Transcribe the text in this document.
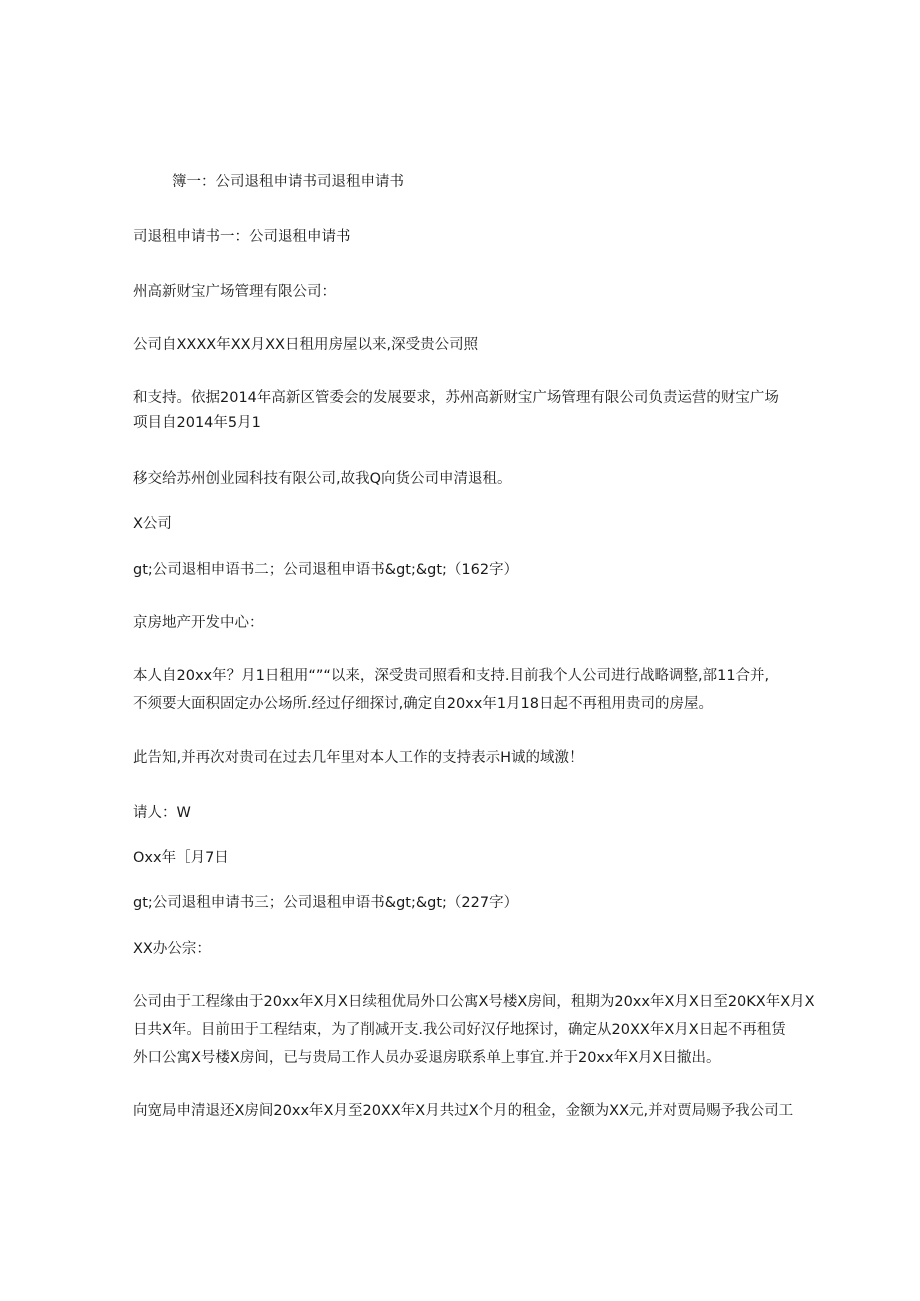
簿一：公司退租申请书司退租申请书
司退租申请书一：公司退租申请书
州高新财宝广场管理有限公司：
公司自XXXX年XX月XX日租用房屋以来,深受贵公司照
和支持。依据2014年高新区管委会的发展要求，苏州高新财宝广场管理有限公司负责运营的财宝广场
项目自2014年5月1
移交给苏州创业园科技有限公司,故我Q向货公司申清退租。
X公司
gt;公司退相申语书二；公司退租申语书&gt;&gt;（162字）
京房地产开发中心：
本人自20xx年？月1日租用“”“以来，深受贵司照看和支持.目前我个人公司进行战略调整,部11合并,
不须要大面积固定办公场所.经过仔细探讨,确定自20xx年1月18日起不再租用贵司的房屋。
此告知,并再次对贵司在过去几年里对本人工作的支持表示H诚的域激！
请人：W
Oxx年［月7日
gt;公司退租申请书三；公司退租申语书&gt;&gt;（227字）
XX办公宗：
公司由于工程缘由于20xx年X月X日续租优局外口公寓X号楼X房间，租期为20xx年X月X日至20KX年X月X
日共X年。目前田于工程结束，为了削减开支.我公司好汉仔地探讨，确定从20XX年X月X日起不再租赁
外口公寓X号楼X房间，已与贵局工作人员办妥退房联系单上事宜.并于20xx年X月X日撤出。
向宽局申清退还X房间20xx年X月至20XX年X月共过X个月的租金，金额为XX元,并对贾局赐予我公司工
